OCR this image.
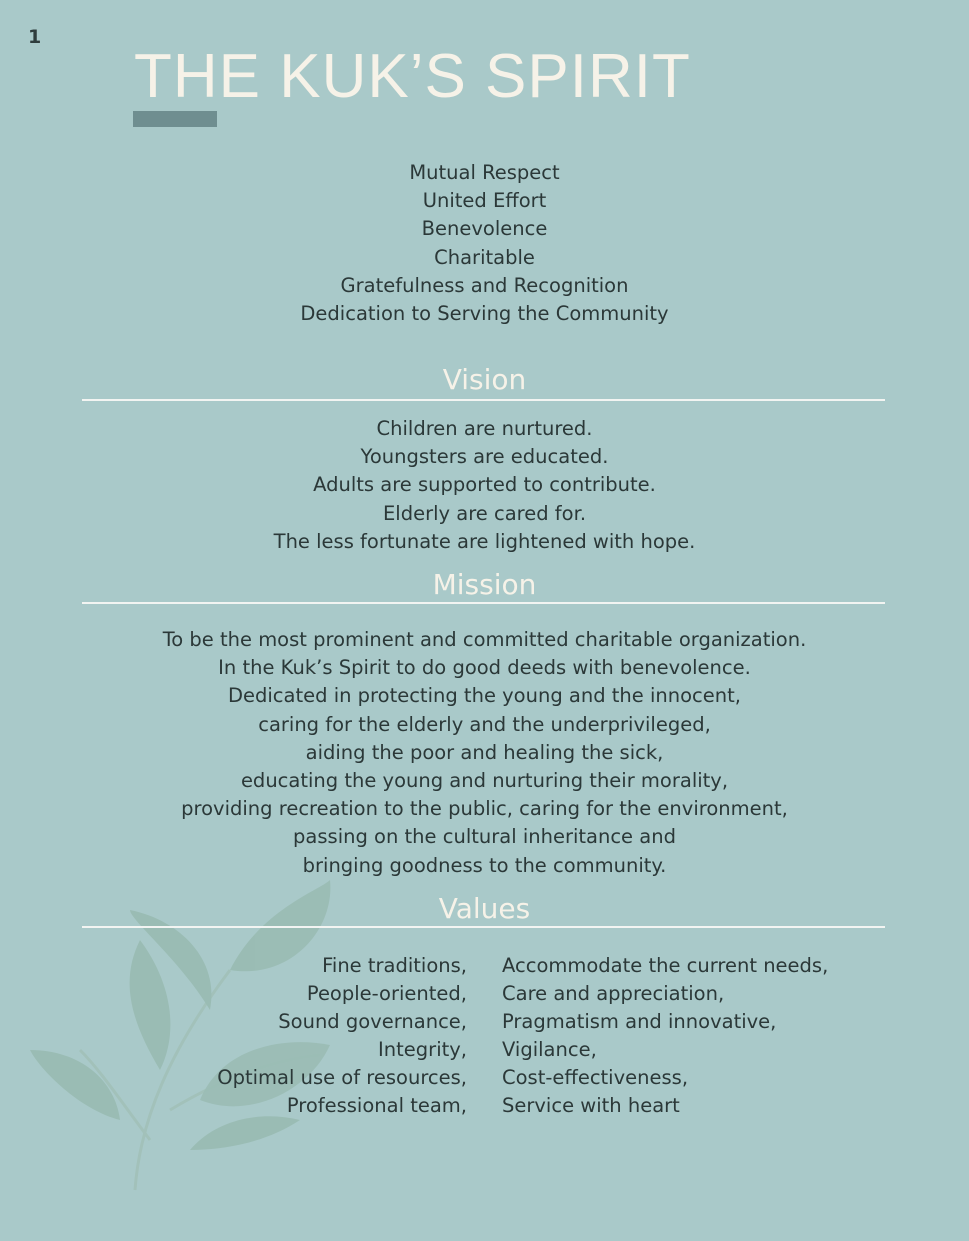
1
THE KUK’S SPIRIT
Mutual Respect
United Effort
Benevolence
Charitable
Gratefulness and Recognition
Dedication to Serving the Community
Vision
Children are nurtured.
Youngsters are educated.
Adults are supported to contribute.
Elderly are cared for.
The less fortunate are lightened with hope.
Mission
To be the most prominent and committed charitable organization.
In the Kuk’s Spirit to do good deeds with benevolence.
Dedicated in protecting the young and the innocent,
caring for the elderly and the underprivileged,
aiding the poor and healing the sick,
educating the young and nurturing their morality,
providing recreation to the public, caring for the environment,
passing on the cultural inheritance and
bringing goodness to the community.
Values
Fine traditions,
People-oriented,
Sound governance,
Integrity,
Optimal use of resources,
Professional team,
Accommodate the current needs,
Care and appreciation,
Pragmatism and innovative,
Vigilance,
Cost-effectiveness,
Service with heart
